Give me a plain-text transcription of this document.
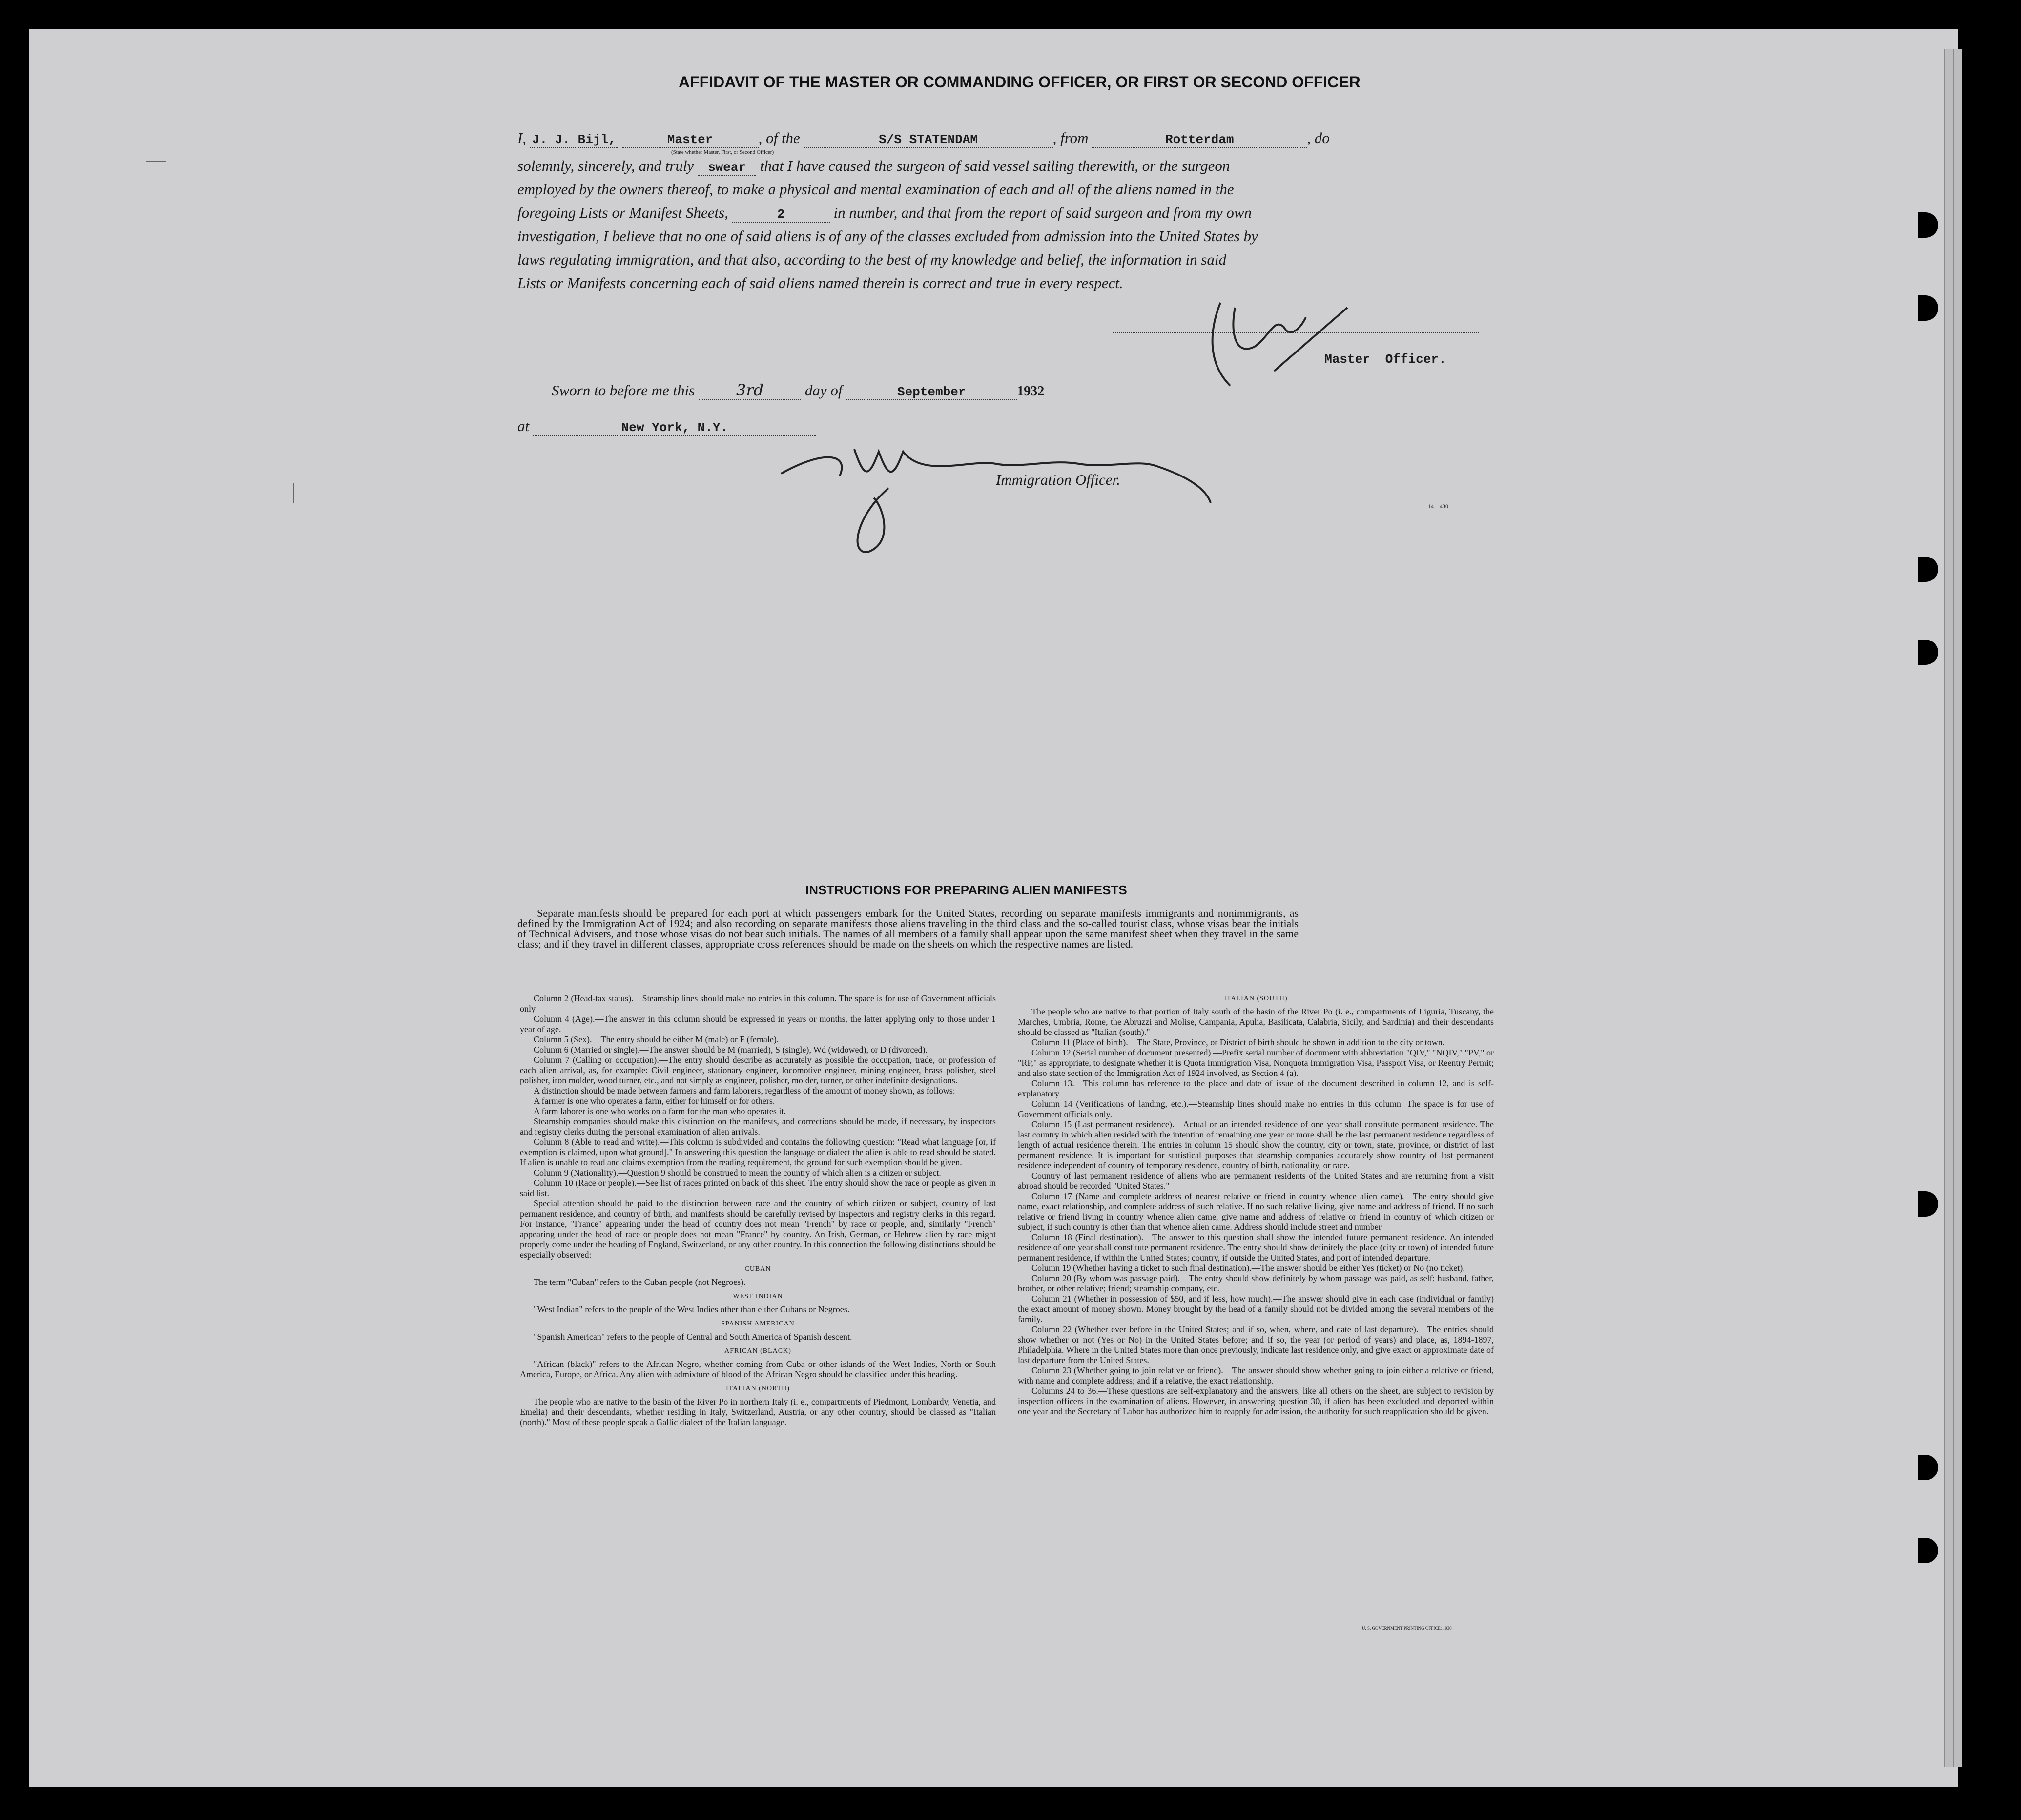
AFFIDAVIT OF THE MASTER OR COMMANDING OFFICER, OR FIRST OR SECOND OFFICER
I, J. J. Bijl,	Master	, of the	S/S STATENDAM	, from	Rotterdam	, do
(State whether Master, First, or Second Officer)
solemnly, sincerely, and truly swear that I have caused the surgeon of said vessel sailing therewith, or the surgeon
employed by the owners thereof, to make a physical and mental examination of each and all of the aliens named in the
foregoing Lists or Manifest Sheets,	2	in number, and that from the report of said surgeon and from my own
investigation, I believe that no one of said aliens is of any of the classes excluded from admission into the United States by
laws regulating immigration, and that also, according to the best of my knowledge and belief, the information in said
Lists or Manifests concerning each of said aliens named therein is correct and true in every respect.
Master Officer.
Sworn to before me this	3rd	day of	September	1932
at	New York, N.Y.
Immigration Officer.
14—430
INSTRUCTIONS FOR PREPARING ALIEN MANIFESTS
Separate manifests should be prepared for each port at which passengers embark for the United States, recording on separate manifests immigrants and nonimmigrants, as defined by the Immigration Act of 1924; and also recording on separate manifests those aliens traveling in the third class and the so-called tourist class, whose visas bear the initials of Technical Advisers, and those whose visas do not bear such initials. The names of all members of a family shall appear upon the same manifest sheet when they travel in the same class; and if they travel in different classes, appropriate cross references should be made on the sheets on which the respective names are listed.

Column 2 (Head-tax status).—Steamship lines should make no entries in this column. The space is for use of Government officials only.

Column 4 (Age).—The answer in this column should be expressed in years or months, the latter applying only to those under 1 year of age.

Column 5 (Sex).—The entry should be either M (male) or F (female).

Column 6 (Married or single).—The answer should be M (married), S (single), Wd (widowed), or D (divorced).

Column 7 (Calling or occupation).—The entry should describe as accurately as possible the occupation, trade, or profession of each alien arrival, as, for example: Civil engineer, stationary engineer, locomotive engineer, mining engineer, brass polisher, steel polisher, iron molder, wood turner, etc., and not simply as engineer, polisher, molder, turner, or other indefinite designations.

A distinction should be made between farmers and farm laborers, regardless of the amount of money shown, as follows:

A farmer is one who operates a farm, either for himself or for others.

A farm laborer is one who works on a farm for the man who operates it.

Steamship companies should make this distinction on the manifests, and corrections should be made, if necessary, by inspectors and registry clerks during the personal examination of alien arrivals.

Column 8 (Able to read and write).—This column is subdivided and contains the following question: "Read what language [or, if exemption is claimed, upon what ground]." In answering this question the language or dialect the alien is able to read should be stated. If alien is unable to read and claims exemption from the reading requirement, the ground for such exemption should be given.

Column 9 (Nationality).—Question 9 should be construed to mean the country of which alien is a citizen or subject.

Column 10 (Race or people).—See list of races printed on back of this sheet. The entry should show the race or people as given in said list.

Special attention should be paid to the distinction between race and the country of which citizen or subject, country of last permanent residence, and country of birth, and manifests should be carefully revised by inspectors and registry clerks in this regard. For instance, "France" appearing under the head of country does not mean "French" by race or people, and, similarly "French" appearing under the head of race or people does not mean "France" by country. An Irish, German, or Hebrew alien by race might properly come under the heading of England, Switzerland, or any other country. In this connection the following distinctions should be especially observed:

CUBAN

The term "Cuban" refers to the Cuban people (not Negroes).

WEST INDIAN

"West Indian" refers to the people of the West Indies other than either Cubans or Negroes.

SPANISH AMERICAN

"Spanish American" refers to the people of Central and South America of Spanish descent.

AFRICAN (BLACK)

"African (black)" refers to the African Negro, whether coming from Cuba or other islands of the West Indies, North or South America, Europe, or Africa. Any alien with admixture of blood of the African Negro should be classified under this heading.

ITALIAN (NORTH)

The people who are native to the basin of the River Po in northern Italy (i. e., compartments of Piedmont, Lombardy, Venetia, and Emelia) and their descendants, whether residing in Italy, Switzerland, Austria, or any other country, should be classed as "Italian (north)." Most of these people speak a Gallic dialect of the Italian language.

ITALIAN (SOUTH)

The people who are native to that portion of Italy south of the basin of the River Po (i. e., compartments of Liguria, Tuscany, the Marches, Umbria, Rome, the Abruzzi and Molise, Campania, Apulia, Basilicata, Calabria, Sicily, and Sardinia) and their descendants should be classed as "Italian (south)."

Column 11 (Place of birth).—The State, Province, or District of birth should be shown in addition to the city or town.

Column 12 (Serial number of document presented).—Prefix serial number of document with abbreviation "QIV," "NQIV," "PV," or "RP," as appropriate, to designate whether it is Quota Immigration Visa, Nonquota Immigration Visa, Passport Visa, or Reentry Permit; and also state section of the Immigration Act of 1924 involved, as Section 4 (a).

Column 13.—This column has reference to the place and date of issue of the document described in column 12, and is self-explanatory.

Column 14 (Verifications of landing, etc.).—Steamship lines should make no entries in this column. The space is for use of Government officials only.

Column 15 (Last permanent residence).—Actual or an intended residence of one year shall constitute permanent residence. The last country in which alien resided with the intention of remaining one year or more shall be the last permanent residence regardless of length of actual residence therein. The entries in column 15 should show the country, city or town, state, province, or district of last permanent residence. It is important for statistical purposes that steamship companies accurately show country of last permanent residence independent of country of temporary residence, country of birth, nationality, or race.

Country of last permanent residence of aliens who are permanent residents of the United States and are returning from a visit abroad should be recorded "United States."

Column 17 (Name and complete address of nearest relative or friend in country whence alien came).—The entry should give name, exact relationship, and complete address of such relative. If no such relative living, give name and address of friend. If no such relative or friend living in country whence alien came, give name and address of relative or friend in country of which citizen or subject, if such country is other than that whence alien came. Address should include street and number.

Column 18 (Final destination).—The answer to this question shall show the intended future permanent residence. An intended residence of one year shall constitute permanent residence. The entry should show definitely the place (city or town) of intended future permanent residence, if within the United States; country, if outside the United States, and port of intended departure.

Column 19 (Whether having a ticket to such final destination).—The answer should be either Yes (ticket) or No (no ticket).

Column 20 (By whom was passage paid).—The entry should show definitely by whom passage was paid, as self; husband, father, brother, or other relative; friend; steamship company, etc.

Column 21 (Whether in possession of $50, and if less, how much).—The answer should give in each case (individual or family) the exact amount of money shown. Money brought by the head of a family should not be divided among the several members of the family.

Column 22 (Whether ever before in the United States; and if so, when, where, and date of last departure).—The entries should show whether or not (Yes or No) in the United States before; and if so, the year (or period of years) and place, as, 1894-1897, Philadelphia. Where in the United States more than once previously, indicate last residence only, and give exact or approximate date of last departure from the United States.

Column 23 (Whether going to join relative or friend).—The answer should show whether going to join either a relative or friend, with name and complete address; and if a relative, the exact relationship.

Columns 24 to 36.—These questions are self-explanatory and the answers, like all others on the sheet, are subject to revision by inspection officers in the examination of aliens. However, in answering question 30, if alien has been excluded and deported within one year and the Secretary of Labor has authorized him to reapply for admission, the authority for such reapplication should be given.

U. S. GOVERNMENT PRINTING OFFICE: 1930
